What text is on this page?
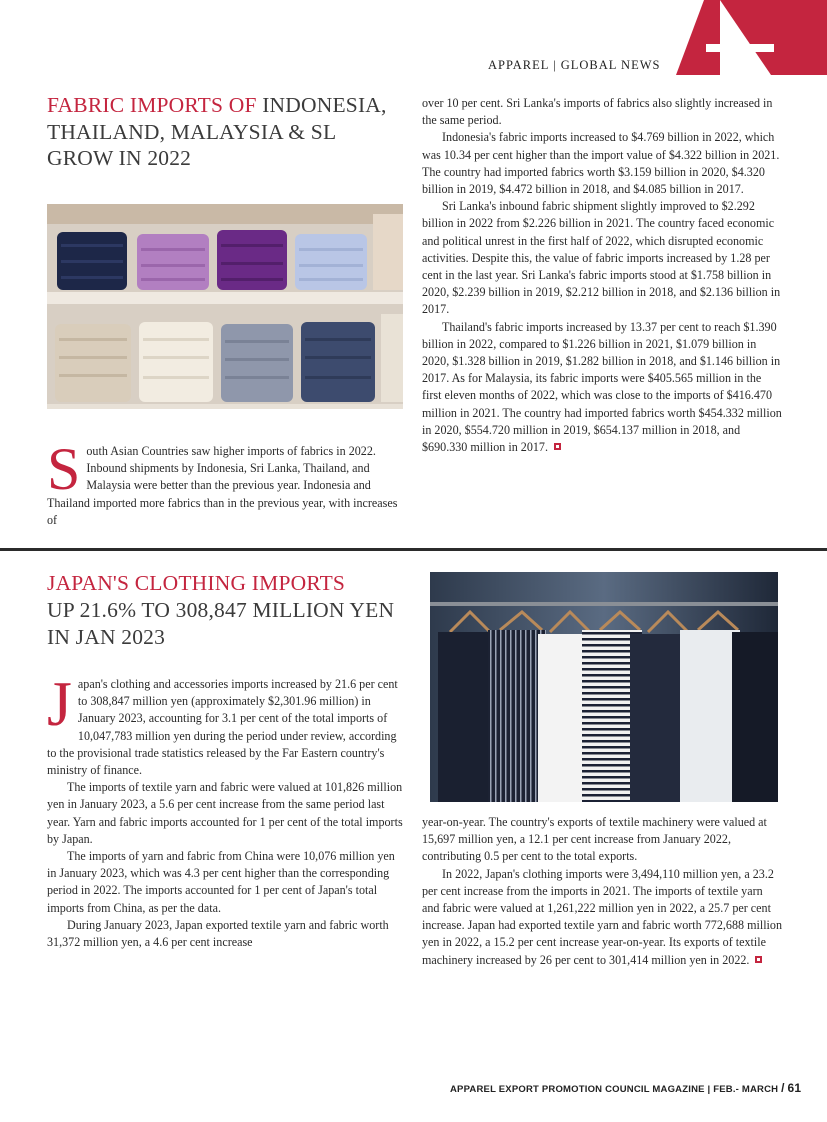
APPAREL | GLOBAL NEWS
FABRIC IMPORTS OF INDONESIA, THAILAND, MALAYSIA & SL GROW IN 2022
S outh Asian Countries saw higher imports of fabrics in 2022. Inbound shipments by Indonesia, Sri Lanka, Thailand, and Malaysia were better than the previous year. Indonesia and Thailand imported more fabrics than in the previous year, with increases of

over 10 per cent. Sri Lanka's imports of fabrics also slightly increased in the same period.

Indonesia's fabric imports increased to $4.769 billion in 2022, which was 10.34 per cent higher than the import value of $4.322 billion in 2021. The country had imported fabrics worth $3.159 billion in 2020, $4.320 billion in 2019, $4.472 billion in 2018, and $4.085 billion in 2017.

Sri Lanka's inbound fabric shipment slightly improved to $2.292 billion in 2022 from $2.226 billion in 2021. The country faced economic and political unrest in the first half of 2022, which disrupted economic activities. Despite this, the value of fabric imports increased by 1.28 per cent in the last year. Sri Lanka's fabric imports stood at $1.758 billion in 2020, $2.239 billion in 2019, $2.212 billion in 2018, and $2.136 billion in 2017.

Thailand's fabric imports increased by 13.37 per cent to reach $1.390 billion in 2022, compared to $1.226 billion in 2021, $1.079 billion in 2020, $1.328 billion in 2019, $1.282 billion in 2018, and $1.146 billion in 2017. As for Malaysia, its fabric imports were $405.565 million in the first eleven months of 2022, which was close to the imports of $416.470 million in 2021. The country had imported fabrics worth $454.332 million in 2020, $554.720 million in 2019, $654.137 million in 2018, and $690.330 million in 2017.

JAPAN'S CLOTHING IMPORTS
UP 21.6% TO 308,847 MILLION YEN IN JAN 2023
J apan's clothing and accessories imports increased by 21.6 per cent to 308,847 million yen (approximately $2,301.96 million) in January 2023, accounting for 3.1 per cent of the total imports of 10,047,783 million yen during the period under review, according to the provisional trade statistics released by the Far Eastern country's ministry of finance.

The imports of textile yarn and fabric were valued at 101,826 million yen in January 2023, a 5.6 per cent increase from the same period last year. Yarn and fabric imports accounted for 1 per cent of the total imports by Japan.

The imports of yarn and fabric from China were 10,076 million yen in January 2023, which was 4.3 per cent higher than the corresponding period in 2022. The imports accounted for 1 per cent of Japan's total imports from China, as per the data.

During January 2023, Japan exported textile yarn and fabric worth 31,372 million yen, a 4.6 per cent increase

year-on-year. The country's exports of textile machinery were valued at 15,697 million yen, a 12.1 per cent increase from January 2022, contributing 0.5 per cent to the total exports.

In 2022, Japan's clothing imports were 3,494,110 million yen, a 23.2 per cent increase from the imports in 2021. The imports of textile yarn and fabric were valued at 1,261,222 million yen in 2022, a 25.7 per cent increase. Japan had exported textile yarn and fabric worth 772,688 million yen in 2022, a 15.2 per cent increase year-on-year. Its exports of textile machinery increased by 26 per cent to 301,414 million yen in 2022.

APPAREL EXPORT PROMOTION COUNCIL MAGAZINE | FEB.- MARCH / 61
